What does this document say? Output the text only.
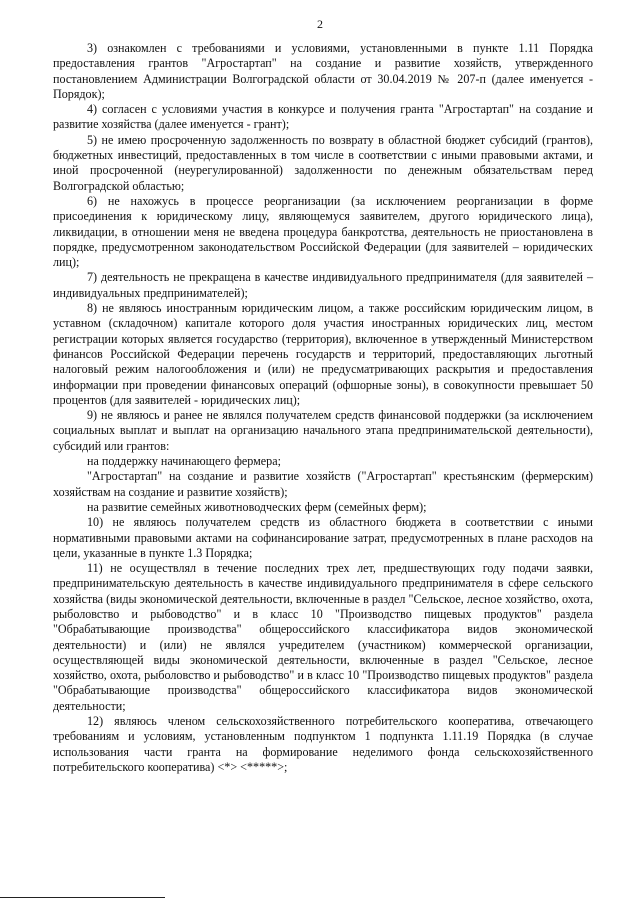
2

3) ознакомлен с требованиями и условиями, установленными в пункте 1.11 Порядка предоставления грантов "Агростартап" на создание и развитие хозяйств, утвержденного постановлением Администрации Волгоградской области от 30.04.2019 № 207-п (далее именуется - Порядок);

4) согласен с условиями участия в конкурсе и получения гранта "Агростартап" на создание и развитие хозяйства (далее именуется - грант);

5) не имею просроченную задолженность по возврату в областной бюджет субсидий (грантов), бюджетных инвестиций, предоставленных в том числе в соответствии с иными правовыми актами, и иной просроченной (неурегулированной) задолженности по денежным обязательствам перед Волгоградской областью;

6) не нахожусь в процессе реорганизации (за исключением реорганизации в форме присоединения к юридическому лицу, являющемуся заявителем, другого юридического лица), ликвидации, в отношении меня не введена процедура банкротства, деятельность не приостановлена в порядке, предусмотренном законодательством Российской Федерации (для заявителей – юридических лиц);

7) деятельность не прекращена в качестве индивидуального предпринимателя (для заявителей – индивидуальных предпринимателей);

8) не являюсь иностранным юридическим лицом, а также российским юридическим лицом, в уставном (складочном) капитале которого доля участия иностранных юридических лиц, местом регистрации которых является государство (территория), включенное в утвержденный Министерством финансов Российской Федерации перечень государств и территорий, предоставляющих льготный налоговый режим налогообложения и (или) не предусматривающих раскрытия и предоставления информации при проведении финансовых операций (офшорные зоны), в совокупности превышает 50 процентов (для заявителей - юридических лиц);

9) не являюсь и ранее не являлся получателем средств финансовой поддержки (за исключением социальных выплат и выплат на организацию начального этапа предпринимательской деятельности), субсидий или грантов:

на поддержку начинающего фермера;

"Агростартап" на создание и развитие хозяйств ("Агростартап" крестьянским (фермерским) хозяйствам на создание и развитие хозяйств);

на развитие семейных животноводческих ферм (семейных ферм);

10) не являюсь получателем средств из областного бюджета в соответствии с иными нормативными правовыми актами на софинансирование затрат, предусмотренных в плане расходов на цели, указанные в пункте 1.3 Порядка;

11) не осуществлял в течение последних трех лет, предшествующих году подачи заявки, предпринимательскую деятельность в качестве индивидуального предпринимателя в сфере сельского хозяйства (виды экономической деятельности, включенные в раздел "Сельское, лесное хозяйство, охота, рыболовство и рыбоводство" и в класс 10 "Производство пищевых продуктов" раздела "Обрабатывающие производства" общероссийского классификатора видов экономической деятельности) и (или) не являлся учредителем (участником) коммерческой организации, осуществляющей виды экономической деятельности, включенные в раздел "Сельское, лесное хозяйство, охота, рыболовство и рыбоводство" и в класс 10 "Производство пищевых продуктов" раздела "Обрабатывающие производства" общероссийского классификатора видов экономической деятельности;

12) являюсь членом сельскохозяйственного потребительского кооператива, отвечающего требованиям и условиям, установленным подпунктом 1 подпункта 1.11.19 Порядка (в случае использования части гранта на формирование неделимого фонда сельскохозяйственного потребительского кооператива) <*> <*****>;
